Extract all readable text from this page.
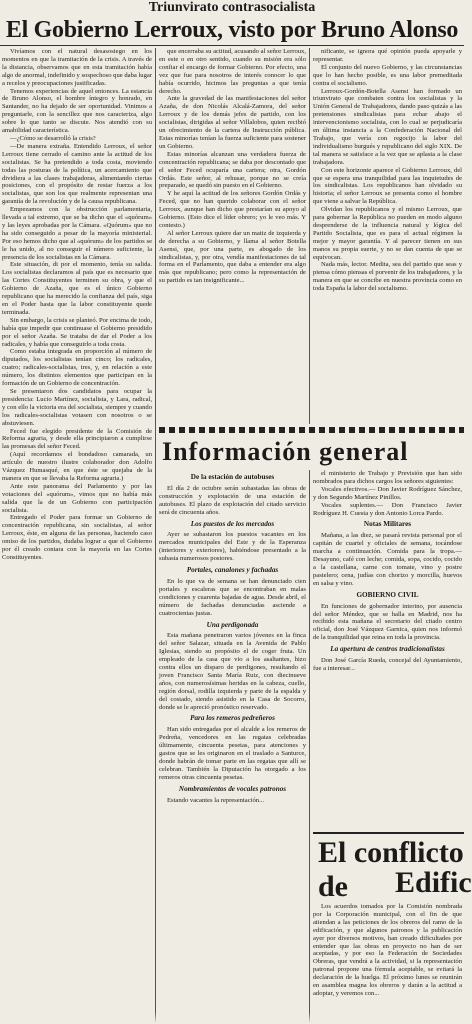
Triunvirato contrasocialista
El Gobierno Lerroux, visto por Bruno Alonso

Vivíamos con el natural desasosiego en los momentos en que la tramitación de la crisis. A través de la distancia, observamos que en esta tramitación había algo de anormal, indefinido y sospechoso que daba lugar a recelos y preocupaciones justificadas.

Tenemos experiencias de aquel entonces. La estancia de Bruno Alonso, el hombre íntegro y honrado, en Santander, no ha dejado de ser oportunidad. Vinimos a preguntarle, con la sencillez que nos caracteriza, algo sobre lo que tanto se discute. Nos atendió con su amabilidad característica.

—¿Cómo se desarrolló la crisis?

—De manera extraña. Entendido Lerroux, el señor Lerroux tiene cerrado el camino ante la actitud de los socialistas. Se ha pretendido a toda costa, moviendo todas las posturas de la política, un acercamiento que dividiera a las clases trabajadoras, alimentando ciertas posiciones, con el propósito de restar fuerza a los socialistas, que son los que realmente representan una garantía de la revolución y de la causa republicana.

Empezamos con la obstrucción parlamentaria, llevada a tal extremo, que se ha dicho que el «quórum» y las leyes aprobadas por la Cámara. «Quórum» que no ha sido conseguido a pesar de la mayoría ministerial. Por eso hemos dicho que al «quórum» de los partidos se le ha unido, al no conseguir el número suficiente, la presencia de los socialistas en la Cámara.

Este situación, di por el momento, tenía su salida. Los socialistas declaramos al país que es necesario que las Cortes Constituyentes terminen su obra, y que el Gobierno de Azaña, que es el único Gobierno republicano que ha merecido la confianza del país, siga en el Poder hasta que la labor constituyente quede terminada.

Sin embargo, la crisis se planteó. Por encima de todo, había que impedir que continuase el Gobierno presidido por el señor Azaña. Se trataba de dar el Poder a los radicales, y había que conseguirlo a toda costa.

Como estaba integrada en proporción al número de diputados, los socialistas tenían cinco; los radicales, cuatro; radicales-socialistas, tres, y, en relación a este número, los distintos elementos que participan en la formación de un Gobierno de concentración.

Se presentaron dos candidatos para ocupar la presidencia: Lucio Martínez, socialista, y Lara, radical, y con ello la victoria era del socialista, siempre y cuando los radicales-socialistas votasen con nosotros o se abstuviesen.

Feced fue elegido presidente de la Comisión de Reforma agraria, y desde ella principiaron a cumplirse las promesas del señor Feced.

(Aquí recordamos el bondadoso camarada, un artículo de nuestro ilustre colaborador don Adolfo Vázquez Humasqué, en que éste se quejaba de la manera en que se llevaba la Reforma agraria.)

Ante este panorama del Parlamento y por las votaciones del «quórum», vimos que no había más salida que la de un Gobierno con participación socialista.

Entregado el Poder para formar un Gobierno de concentración republicana, sin socialistas, al señor Lerroux, éste, en alguna de las personas, haciendo caso omiso de los partidos, dudaba lograr a que el Gobierno por él creado contara con la mayoría en las Cortes Constituyentes.

que encerraba su actitud, acusando al señor Lerroux, en este o en otro sentido, cuando su misión era sólo confiar el encargo de formar Gobierno. Por efecto, una vez que fue para nosotros de interés conocer lo que había ocurrido, hicimos las preguntas a que tenía derecho.

Ante la gravedad de las manifestaciones del señor Azaña, de don Nicolás Alcalá-Zamora, del señor Lerroux y de los demás jefes de partido, con los socialistas, dirigidas al señor Villalobos, quien recibió un ofrecimiento de la cartera de Instrucción pública. Estas minorías tenían la fuerza suficiente para sostener un Gobierno.

Estas minorías alcanzan una verdadera fuerza de concentración republicana; se daba por descontado que el señor Feced ocuparía una cartera; otra, Gordón Ordás. Este señor, al rehusar, porque no se creía preparado, se quedó sin puesto en el Gobierno.

Y he aquí la actitud de los señores Gordón Ordás y Feced, que no han querido colaborar con el señor Lerroux, aunque han dicho que prestarían su apoyo al Gobierno. (Esto dice el líder obrero; yo le veo más. Y contesto.)

Al señor Lerroux quiere dar un matiz de izquierda y de derecha a su Gobierno, y llama al señor Botella Asensi, que, por una parte, es abogado de los sindicalistas, y, por otra, vendía manifestaciones de tal forma en el Parlamento, que daba a entender era algo más que republicano; pero como la representación de su partido es tan insignificante...

nificante, se ignora qué opinión pueda apoyarle y representar.

El conjunto del nuevo Gobierno, y las circunstancias que lo han hecho posible, es una labor premeditada contra el socialismo.

Lerroux-Gordón-Botella Asensi han formado un triunvirato que combaten contra los socialistas y la Unión General de Trabajadores, dando paso quizás a las pretensiones sindicalistas para echar abajo el intervencionismo socialista, con lo cual se perjudicaría en última instancia a la Confederación Nacional del Trabajo, que vería con regocijo la labor del individualismo burgués y republicano del siglo XIX. De tal manera se satisface a la vez que se aplasta a la clase trabajadora.

Con este horizonte aparece el Gobierno Lerroux, del que se espera una tranquilidad para las inquietudes de los sindicalistas. Los republicanos han olvidado su historia; el señor Lerroux se presenta como el hombre que viene a salvar la República.

Olvidan los republicanos y el mismo Lerroux, que para gobernar la República no pueden en modo alguno desprenderse de la influencia natural y lógica del Partido Socialista, que es para el actual régimen la mejor y mayor garantía. Y al parecer tienen en sus manos su propia suerte, y no se dan cuenta de que se equivocan.

Nada más, lector. Medita, sea del partido que seas y piensa cómo piensas el porvenir de los trabajadores, y la manera en que se concibe en nuestra provincia como en toda España la labor del socialismo.

Información general

De la estación de autobuses

El día 2 de octubre serán subastadas las obras de construcción y explotación de una estación de autobuses. El plazo de explotación del citado servicio será de cincuenta años.

Los puestos de los mercados

Ayer se subastaron los puestos vacantes en los mercados municipales del Este y de la Esperanza (interiores y exteriores), habiéndose presentado a la subasta numerosos postores.

Portales, canalones y fachadas

En lo que va de semana se han denunciado cien portales y escaleras que se encontraban en malas condiciones y cuarenta bajadas de agua. Desde abril, el número de fachadas denunciadas asciende a cuatrocientas justas.

Una perdigonada

Esta mañana penetraron varios jóvenes en la finca del señor Salazar, situada en la Avenida de Pablo Iglesias, siendo su propósito el de coger fruta. Un empleado de la casa que vio a los asaltantes, hizo contra ellos un disparo de perdigones, resultando el joven Francisco Santa María Ruiz, con diecinueve años, con numerosísimas heridas en la cabeza, cuello, región dorsal, rodilla izquierda y parte de la espalda y del costado, siendo asistido en la Casa de Socorro, donde se le apreció pronóstico reservado.

Para los remeros pedreñeros

Han sido entregadas por el alcalde a los remeros de Pedreña, vencedores en las regatas celebradas últimamente, cincuenta pesetas, para atenciones y gastos que se les originaron en el traslado a Santurce, donde habrán de tomar parte en las regatas que allí se celebran. También la Diputación ha otorgado a los remeros otras cincuenta pesetas.

Nombramientos de vocales patronos

Estando vacantes la representación...

el ministerio de Trabajo y Previsión que han sido nombrados para dichos cargos los señores siguientes:

Vocales efectivos.— Don Javier Rodríguez Sánchez, y don Segundo Martínez Pinillos.

Vocales suplentes.— Don Francisco Javier Rodríguez H. Cuesta y don Antonio Lorca Pardo.

Notas Militares

Mañana, a las diez, se pasará revista personal por el capitán de cuartel y oficiales de semana, tocándose marcha a continuación. Comida para la tropa.— Desayuno, café con leche; comida, sopa, cocido, cocido a la castellana, carne con tomate, vino y postre pastelero; cena, judías con chorizo y morcilla, huevos en salsa y vino.

GOBIERNO CIVIL

En funciones de gobernador interino, por ausencia del señor Méndez, que se halla en Madrid, nos ha recibido esta mañana el secretario del citado centro oficial, don José Vázquez Garnica, quien nos informó de la tranquilidad que reina en toda la provincia.

La apertura de centros tradicionalistas

Don José García Rueda, concejal del Ayuntamiento, fue a interesar...

El conflicto de	Edific

Los acuerdos tomados por la Comisión nombrada por la Corporación municipal, con el fin de que atiendan a las peticiones de los obreros del ramo de la edificación, y que algunos patronos y la publicación ayer por diversos motivos, han creado dificultades por entender que las obras en proyecto no han de ser aceptadas, y por eso la Federación de Sociedades Obreras, que vendrá a la actividad, si la representación patronal propone una fórmula aceptable, se evitará la declaración de la huelga. El próximo lunes se reunirán en asamblea magna los obreros y darán a la actitud a adoptar, y veremos con...
